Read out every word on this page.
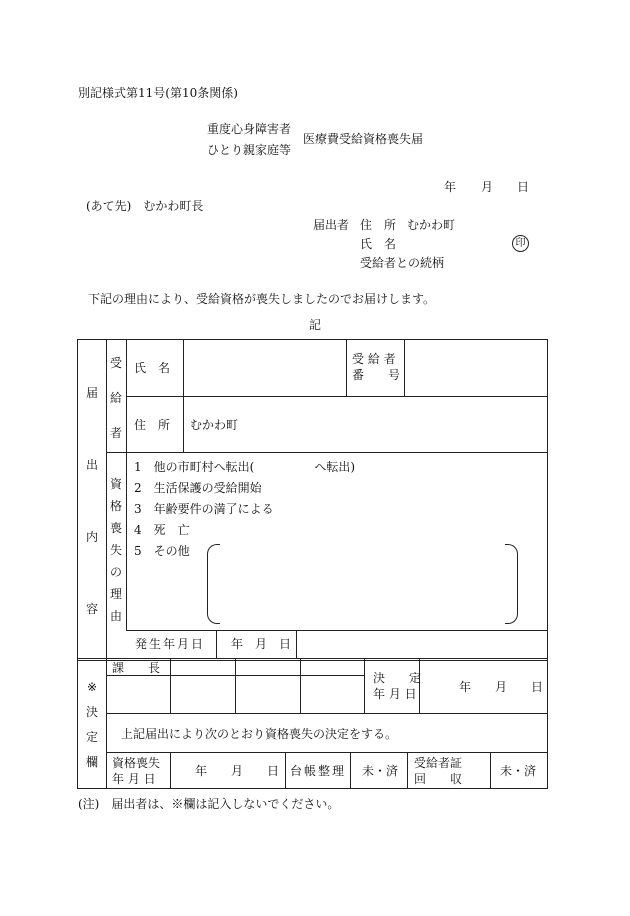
別記様式第11号(第10条関係)
重度心身障害者
ひとり親家庭等
医療費受給資格喪失届
年 月 日
(あて先)　むかわ町長
届出者 住　所 むかわ町
氏　名	印
受給者との続柄
下記の理由により、受給資格が喪失しましたのでお届けします。
記
届
出
内
容
受
給
者
資
格
喪
失
の
理
由
氏　名
受 給 者
番　　号
住　所 むかわ町
1　他の市町村へ転出(　　　　　へ転出)
2　生活保護の受給開始
3　年齢要件の満了による
4　死　亡
5　その他
発生年月日 年　月　日
※
決
定
欄
課　　長
決　　定
年 月 日	年　　月　　日
上記届出により次のとおり資格喪失の決定をする。
資格喪失
年 月 日
年　　月　　日 台帳整理 未・済
受給者証
回　　収
未・済
(注)　届出者は、※欄は記入しないでください。
